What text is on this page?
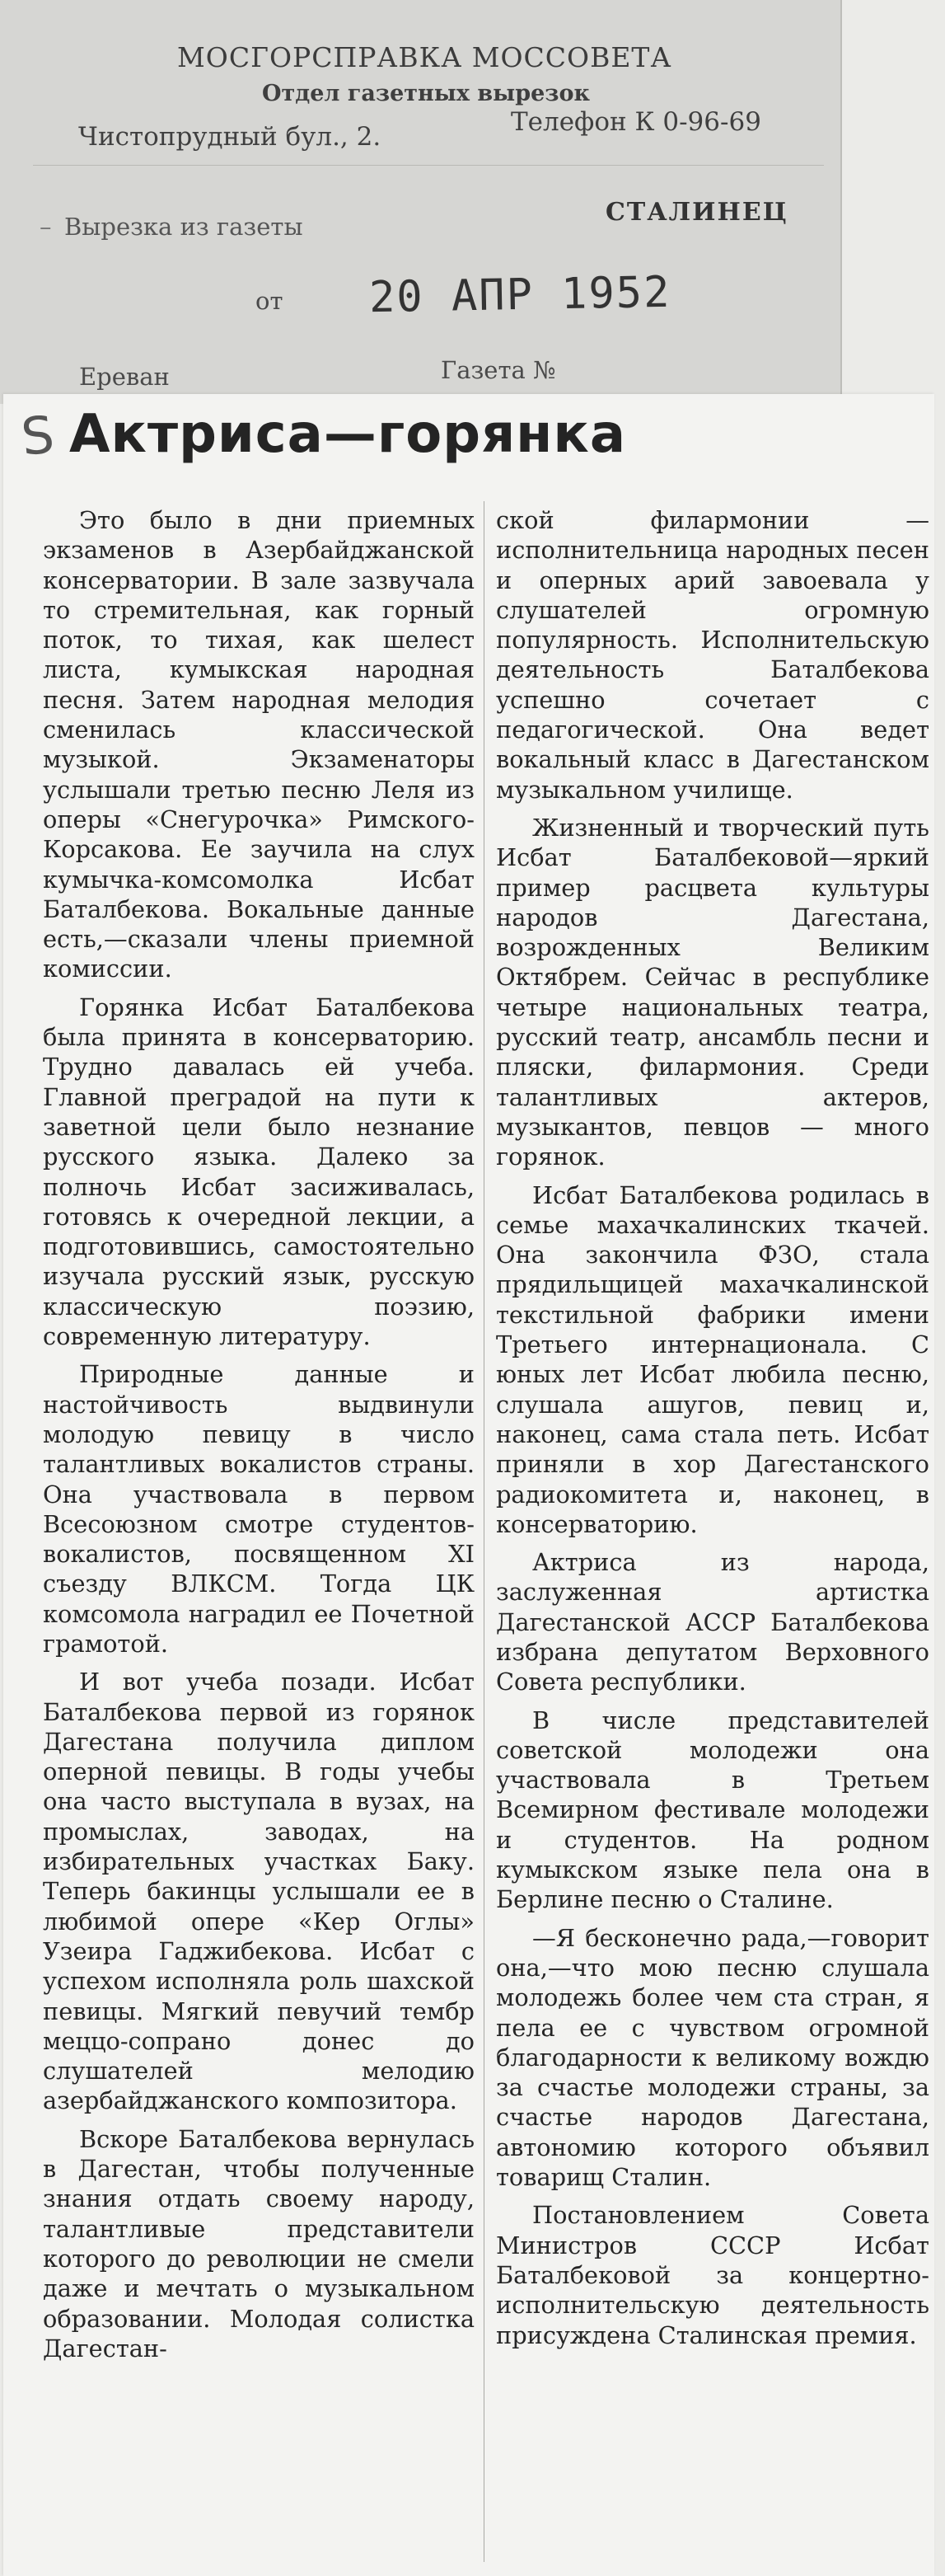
МОСГОРСПРАВКА МОССОВЕТА
Отдел газетных вырезок
Чистопрудный бул., 2.	Телефон К 0-96-69
– Вырезка из газеты	СТАЛИНЕЦ
от 20 АПР 1952
Ереван	Газета №
S Актриса—горянка

Это было в дни приемных экзаменов в Азербайджанской консерватории. В зале зазвучала то стремительная, как горный поток, то тихая, как шелест листа, кумыкская народная песня. Затем народная мелодия сменилась классической музыкой. Экзаменаторы услышали третью песню Леля из оперы «Снегурочка» Римского-Корсакова. Ее заучила на слух кумычка-комсомолка Исбат Баталбекова. Вокальные данные есть,—сказали члены приемной комиссии.

Горянка Исбат Баталбекова была принята в консерваторию. Трудно давалась ей учеба. Главной преградой на пути к заветной цели было незнание русского языка. Далеко за полночь Исбат засиживалась, готовясь к очередной лекции, а подготовившись, самостоятельно изучала русский язык, русскую классическую поэзию, современную литературу.

Природные данные и настойчивость выдвинули молодую певицу в число талантливых вокалистов страны. Она участвовала в первом Всесоюзном смотре студентов-вокалистов, посвященном XI съезду ВЛКСМ. Тогда ЦК комсомола наградил ее Почетной грамотой.

И вот учеба позади. Исбат Баталбекова первой из горянок Дагестана получила диплом оперной певицы. В годы учебы она часто выступала в вузах, на промыслах, заводах, на избирательных участках Баку. Теперь бакинцы услышали ее в любимой опере «Кер Оглы» Узеира Гаджибекова. Исбат с успехом исполняла роль шахской певицы. Мягкий певучий тембр меццо-сопрано донес до слушателей мелодию азербайджанского композитора.

Вскоре Баталбекова вернулась в Дагестан, чтобы полученные знания отдать своему народу, талантливые представители которого до революции не смели даже и мечтать о музыкальном образовании. Молодая солистка Дагестан-

ской филармонии — исполнительница народных песен и оперных арий завоевала у слушателей огромную популярность. Исполнительскую деятельность Баталбекова успешно сочетает с педагогической. Она ведет вокальный класс в Дагестанском музыкальном училище.

Жизненный и творческий путь Исбат Баталбековой—яркий пример расцвета культуры народов Дагестана, возрожденных Великим Октябрем. Сейчас в республике четыре национальных театра, русский театр, ансамбль песни и пляски, филармония. Среди талантливых актеров, музыкантов, певцов — много горянок.

Исбат Баталбекова родилась в семье махачкалинских ткачей. Она закончила ФЗО, стала прядильщицей махачкалинской текстильной фабрики имени Третьего интернационала. С юных лет Исбат любила песню, слушала ашугов, певиц и, наконец, сама стала петь. Исбат приняли в хор Дагестанского радиокомитета и, наконец, в консерваторию.

Актриса из народа, заслуженная артистка Дагестанской АССР Баталбекова избрана депутатом Верховного Совета республики.

В числе представителей советской молодежи она участвовала в Третьем Всемирном фестивале молодежи и студентов. На родном кумыкском языке пела она в Берлине песню о Сталине.

—Я бесконечно рада,—говорит она,—что мою песню слушала молодежь более чем ста стран, я пела ее с чувством огромной благодарности к великому вождю за счастье молодежи страны, за счастье народов Дагестана, автономию которого объявил товарищ Сталин.

Постановлением Совета Министров СССР Исбат Баталбековой за концертно-исполнительскую деятельность присуждена Сталинская премия.
